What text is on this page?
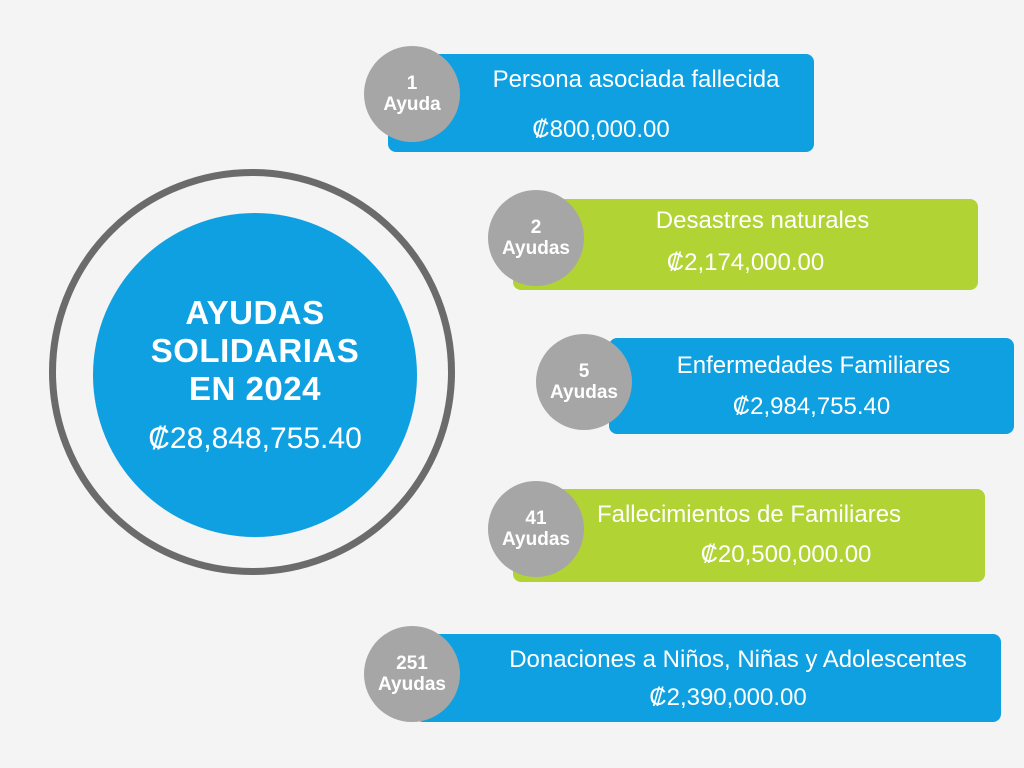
AYUDAS SOLIDARIAS EN 2024
₡28,848,755.40
Persona asociada fallecida
₡800,000.00
1
Ayuda
Desastres naturales
₡2,174,000.00
2
Ayudas
Enfermedades Familiares
₡2,984,755.40
5
Ayudas
Fallecimientos de Familiares
₡20,500,000.00
41
Ayudas
Donaciones a Niños, Niñas y Adolescentes
₡2,390,000.00
251
Ayudas
